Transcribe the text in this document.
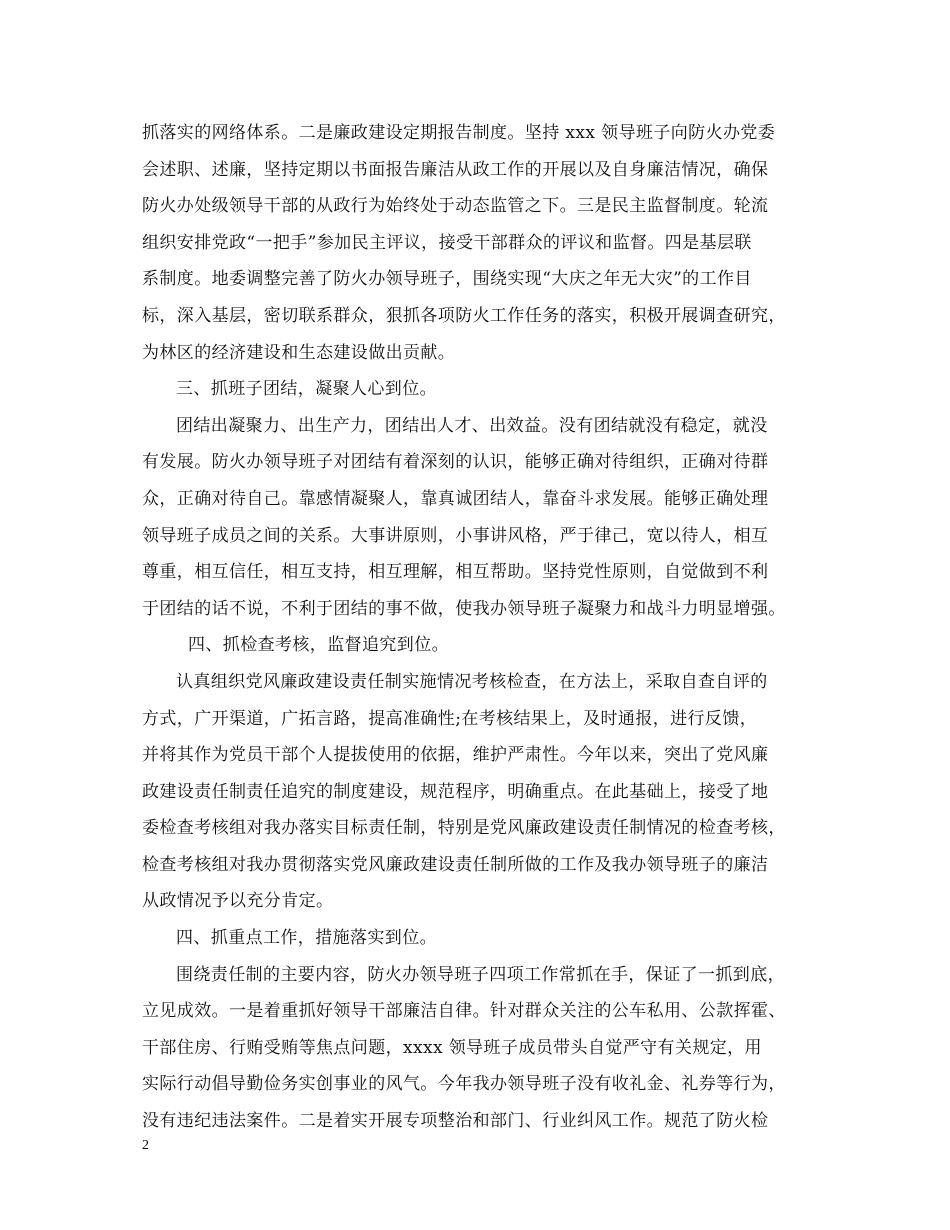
抓落实的网络体系。二是廉政建设定期报告制度。坚持 xxx 领导班子向防火办党委
会述职、述廉，坚持定期以书面报告廉洁从政工作的开展以及自身廉洁情况，确保
防火办处级领导干部的从政行为始终处于动态监管之下。三是民主监督制度。轮流
组织安排党政“一把手”参加民主评议，接受干部群众的评议和监督。四是基层联
系制度。地委调整完善了防火办领导班子，围绕实现“大庆之年无大灾”的工作目
标，深入基层，密切联系群众，狠抓各项防火工作任务的落实，积极开展调查研究，
为林区的经济建设和生态建设做出贡献。
三、抓班子团结，凝聚人心到位。
团结出凝聚力、出生产力，团结出人才、出效益。没有团结就没有稳定，就没
有发展。防火办领导班子对团结有着深刻的认识，能够正确对待组织，正确对待群
众，正确对待自己。靠感情凝聚人，靠真诚团结人，靠奋斗求发展。能够正确处理
领导班子成员之间的关系。大事讲原则，小事讲风格，严于律己，宽以待人，相互
尊重，相互信任，相互支持，相互理解，相互帮助。坚持党性原则，自觉做到不利
于团结的话不说，不利于团结的事不做，使我办领导班子凝聚力和战斗力明显增强。
四、抓检查考核，监督追究到位。
认真组织党风廉政建设责任制实施情况考核检查，在方法上，采取自查自评的
方式，广开渠道，广拓言路，提高准确性;在考核结果上，及时通报，进行反馈，
并将其作为党员干部个人提拔使用的依据，维护严肃性。今年以来，突出了党风廉
政建设责任制责任追究的制度建设，规范程序，明确重点。在此基础上，接受了地
委检查考核组对我办落实目标责任制，特别是党风廉政建设责任制情况的检查考核，
检查考核组对我办贯彻落实党风廉政建设责任制所做的工作及我办领导班子的廉洁
从政情况予以充分肯定。
四、抓重点工作，措施落实到位。
围绕责任制的主要内容，防火办领导班子四项工作常抓在手，保证了一抓到底，
立见成效。一是着重抓好领导干部廉洁自律。针对群众关注的公车私用、公款挥霍、
干部住房、行贿受贿等焦点问题，xxxx 领导班子成员带头自觉严守有关规定，用
实际行动倡导勤俭务实创事业的风气。今年我办领导班子没有收礼金、礼券等行为，
没有违纪违法案件。二是着实开展专项整治和部门、行业纠风工作。规范了防火检
2
